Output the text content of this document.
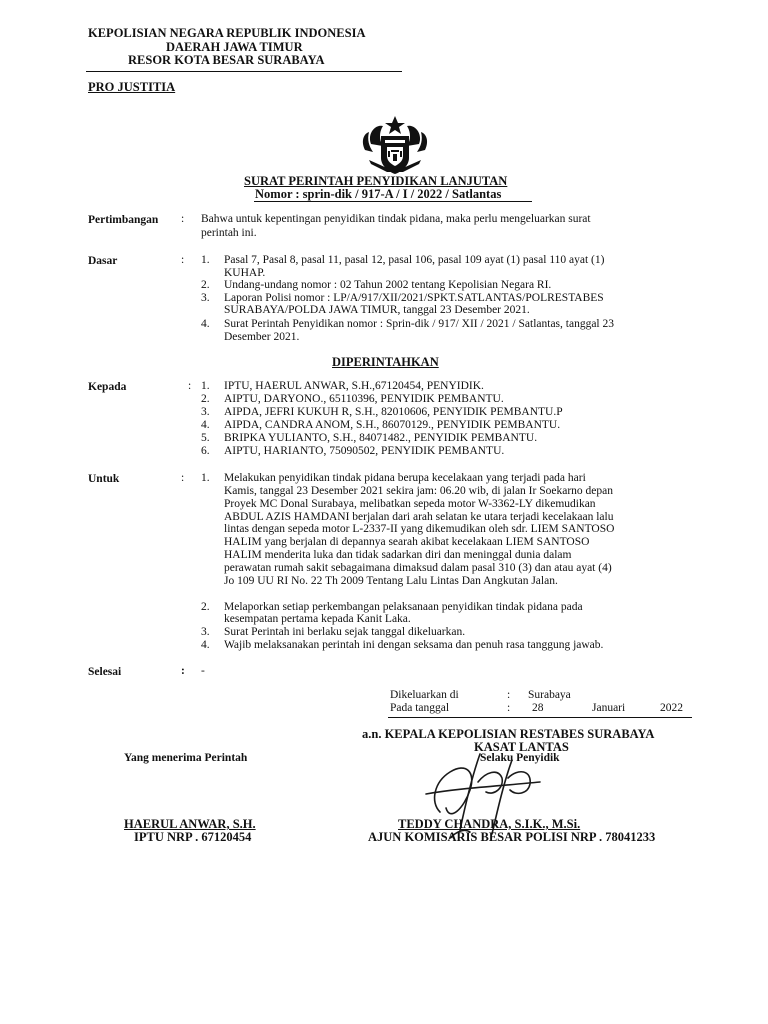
KEPOLISIAN NEGARA REPUBLIK INDONESIA
DAERAH JAWA TIMUR
RESOR KOTA BESAR SURABAYA
PRO JUSTITIA
SURAT PERINTAH PENYIDIKAN LANJUTAN
Nomor : sprin-dik / 917-A / I / 2022 / Satlantas
Pertimbangan : Bahwa untuk kepentingan penyidikan tindak pidana, maka perlu mengeluarkan surat
perintah ini.
Dasar	: 1. Pasal 7, Pasal 8, pasal 11, pasal 12, pasal 106, pasal 109 ayat (1) pasal 110 ayat (1)
KUHAP.
2. Undang-undang nomor : 02 Tahun 2002 tentang Kepolisian Negara RI.
3. Laporan Polisi nomor : LP/A/917/XII/2021/SPKT.SATLANTAS/POLRESTABES
SURABAYA/POLDA JAWA TIMUR, tanggal 23 Desember 2021.
4. Surat Perintah Penyidikan nomor : Sprin-dik / 917/ XII / 2021 / Satlantas, tanggal 23
Desember 2021.
DIPERINTAHKAN
Kepada	: 1. IPTU, HAERUL ANWAR, S.H.,67120454, PENYIDIK.
2. AIPTU, DARYONO., 65110396, PENYIDIK PEMBANTU.
3. AIPDA, JEFRI KUKUH R, S.H., 82010606, PENYIDIK PEMBANTU.P
4. AIPDA, CANDRA ANOM, S.H., 86070129., PENYIDIK PEMBANTU.
5. BRIPKA YULIANTO, S.H., 84071482., PENYIDIK PEMBANTU.
6. AIPTU, HARIANTO, 75090502, PENYIDIK PEMBANTU.
Untuk	: 1. Melakukan penyidikan tindak pidana berupa kecelakaan yang terjadi pada hari
Kamis, tanggal 23 Desember 2021 sekira jam: 06.20 wib, di jalan Ir Soekarno depan
Proyek MC Donal Surabaya, melibatkan sepeda motor W-3362-LY dikemudikan
ABDUL AZIS HAMDANI berjalan dari arah selatan ke utara terjadi kecelakaan lalu
lintas dengan sepeda motor L-2337-II yang dikemudikan oleh sdr. LIEM SANTOSO
HALIM yang berjalan di depannya searah akibat kecelakaan LIEM SANTOSO
HALIM menderita luka dan tidak sadarkan diri dan meninggal dunia dalam
perawatan rumah sakit sebagaimana dimaksud dalam pasal 310 (3) dan atau ayat (4)
Jo 109 UU RI No. 22 Th 2009 Tentang Lalu Lintas Dan Angkutan Jalan.
2. Melaporkan setiap perkembangan pelaksanaan penyidikan tindak pidana pada
kesempatan pertama kepada Kanit Laka.
3. Surat Perintah ini berlaku sejak tanggal dikeluarkan.
4. Wajib melaksanakan perintah ini dengan seksama dan penuh rasa tanggung jawab.
Selesai	: -
Dikeluarkan di	: Surabaya
Pada tanggal	: 28	Januari	2022
a.n. KEPALA KEPOLISIAN RESTABES SURABAYA
KASAT LANTAS
Selaku Penyidik
Yang menerima Perintah
TEDDY CHANDRA, S.I.K., M.Si.
AJUN KOMISARIS BESAR POLISI NRP . 78041233
HAERUL ANWAR, S.H.
IPTU NRP . 67120454
